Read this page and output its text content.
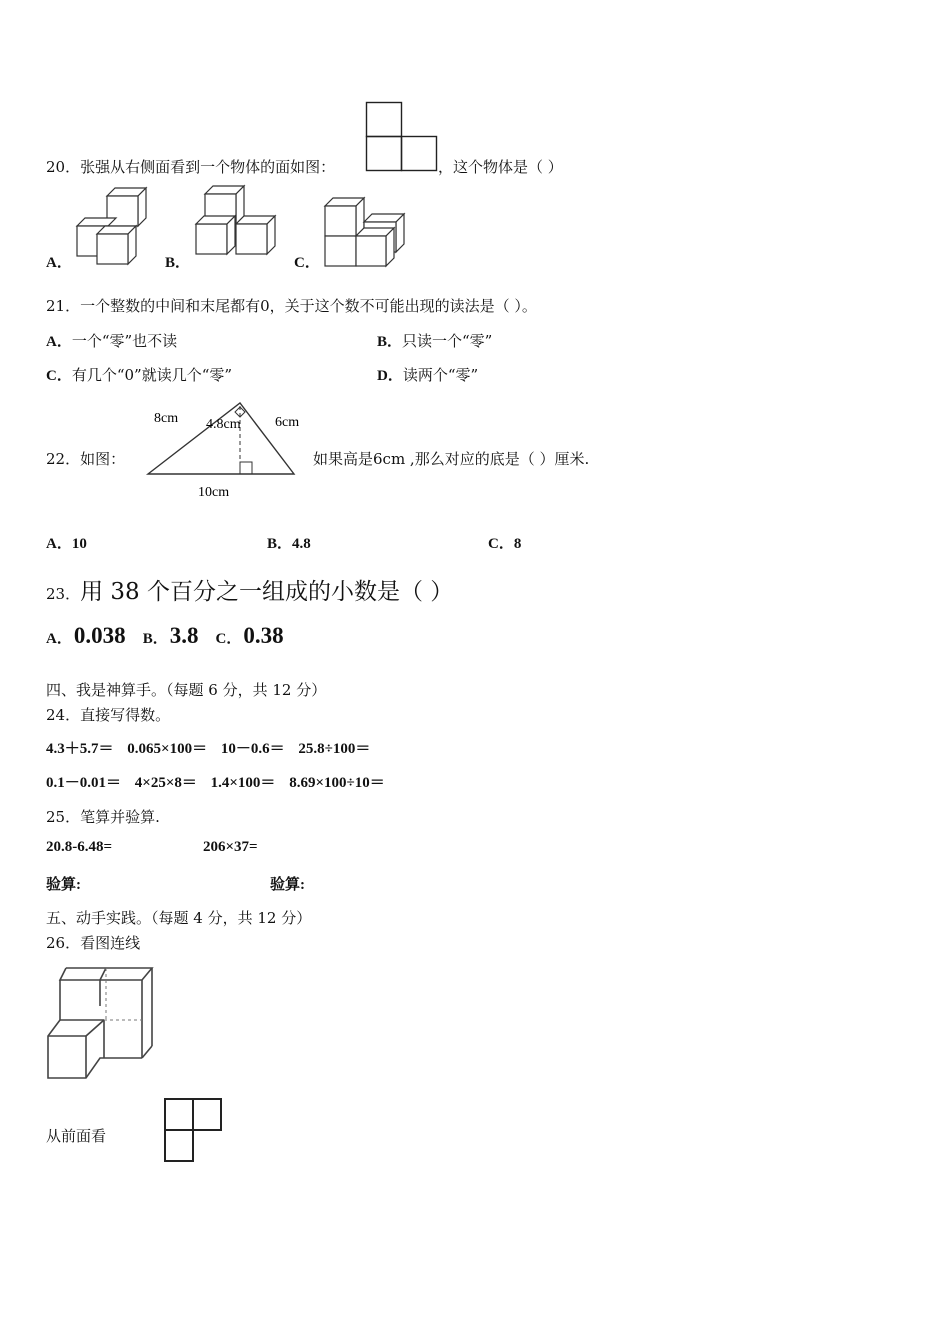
20．张强从右侧面看到一个物体的面如图：	，这个物体是（ ）
A．	B．	C．
21．一个整数的中间和末尾都有0，关于这个数不可能出现的读法是（ ）。
A．一个“零”也不读	B．只读一个“零”
C．有几个“0”就读几个“零”	D．读两个“零”
22．如图：
8cm 4.8cm 6cm
10cm
如果高是6cm ,那么对应的底是（ ）厘米.
A．10	B．4.8	C．8
23．用 38 个百分之一组成的小数是（ ）
A．0.038 B．3.8 C．0.38
四、我是神算手。（每题 6 分，共 12 分）
24．直接写得数。
4.3＋5.7＝ 0.065×100＝ 10－0.6＝ 25.8÷100＝
0.1－0.01＝ 4×25×8＝ 1.4×100＝ 8.69×100÷10＝
25．笔算并验算.
20.8-6.48=	206×37=
验算:	验算:
五、动手实践。（每题 4 分，共 12 分）
26．看图连线
从前面看
